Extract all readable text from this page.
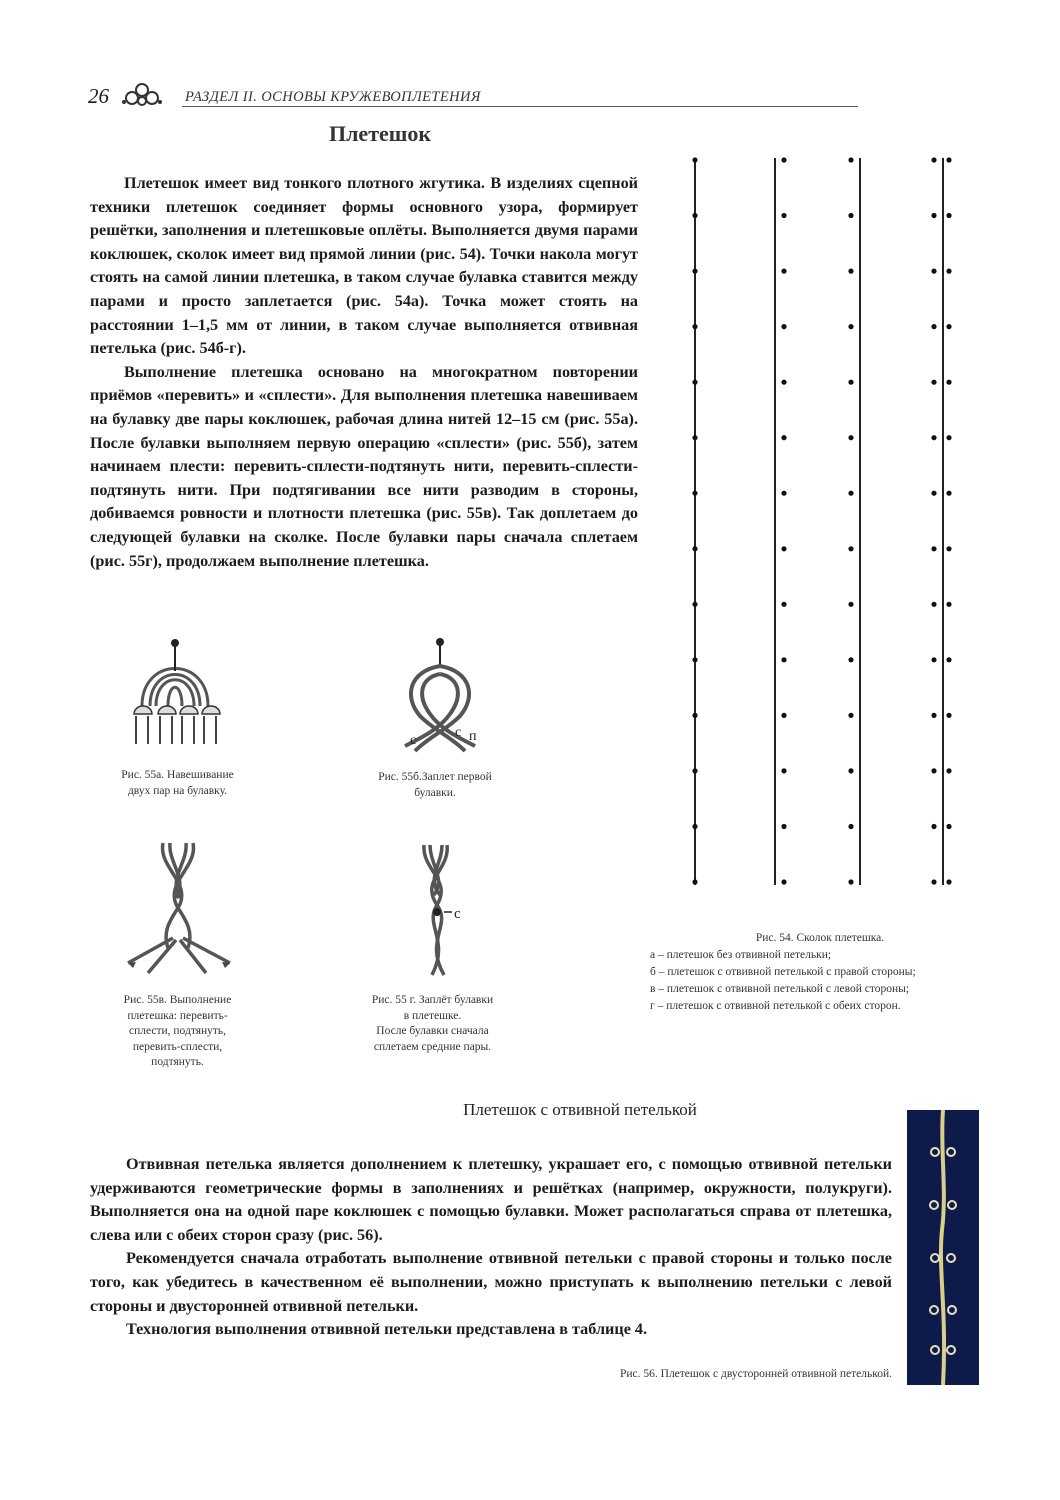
26	РАЗДЕЛ II. ОСНОВЫ КРУЖЕВОПЛЕТЕНИЯ
Плетешок

Плетешок имеет вид тонкого плотного жгутика. В изделиях сцепной техники плетешок соединяет формы основного узора, формирует решётки, заполнения и плетешковые оплёты. Выполняется двумя парами коклюшек, сколок имеет вид прямой линии (рис. 54). Точки накола могут стоять на самой линии плетешка, в таком случае булавка ставится между парами и просто заплетается (рис. 54а). Точка может стоять на расстоянии 1–1,5 мм от линии, в таком случае выполняется отвивная петелька (рис. 54б-г).

Выполнение плетешка основано на многократном повторении приёмов «перевить» и «сплести». Для выполнения плетешка навешиваем на булавку две пары коклюшек, рабочая длина нитей 12–15 см (рис. 55а). После булавки выполняем первую операцию «сплести» (рис. 55б), затем начинаем плести: перевить-сплести-подтянуть нити, перевить-сплести-подтянуть нити. При подтягивании все нити разводим в стороны, добиваемся ровности и плотности плетешка (рис. 55в). Так доплетаем до следующей булавки на сколке. После булавки пары сначала сплетаем (рис. 55г), продолжаем выполнение плетешка.

Рис. 55а. Навешивание
двух пар на булавку.
с п
с
Рис. 55б.Заплет первой
булавки.
Рис. 55в. Выполнение
плетешка: перевить-
сплести, подтянуть,
перевить-сплести,
подтянуть.
с
Рис. 55 г. Заплёт булавки
в плетешке.
После булавки сначала
сплетаем средние пары.
Рис. 54. Сколок плетешка.
а – плетешок без отвивной петельки;
б – плетешок с отвивной петелькой с правой стороны;
в – плетешок с отвивной петелькой с левой стороны;
г – плетешок с отвивной петелькой с обеих сторон.
Плетешок с отвивной петелькой

Отвивная петелька является дополнением к плетешку, украшает его, с помощью отвивной петельки удерживаются геометрические формы в заполнениях и решётках (например, окружности, полукруги). Выполняется она на одной паре коклюшек с помощью булавки. Может располагаться справа от плетешка, слева или с обеих сторон сразу (рис. 56).

Рекомендуется сначала отработать выполнение отвивной петельки с правой стороны и только после того, как убедитесь в качественном её выполнении, можно приступать к выполнению петельки с левой стороны и двусторонней отвивной петельки.

Технология выполнения отвивной петельки представлена в таблице 4.

Рис. 56. Плетешок с двусторонней отвивной петелькой.
